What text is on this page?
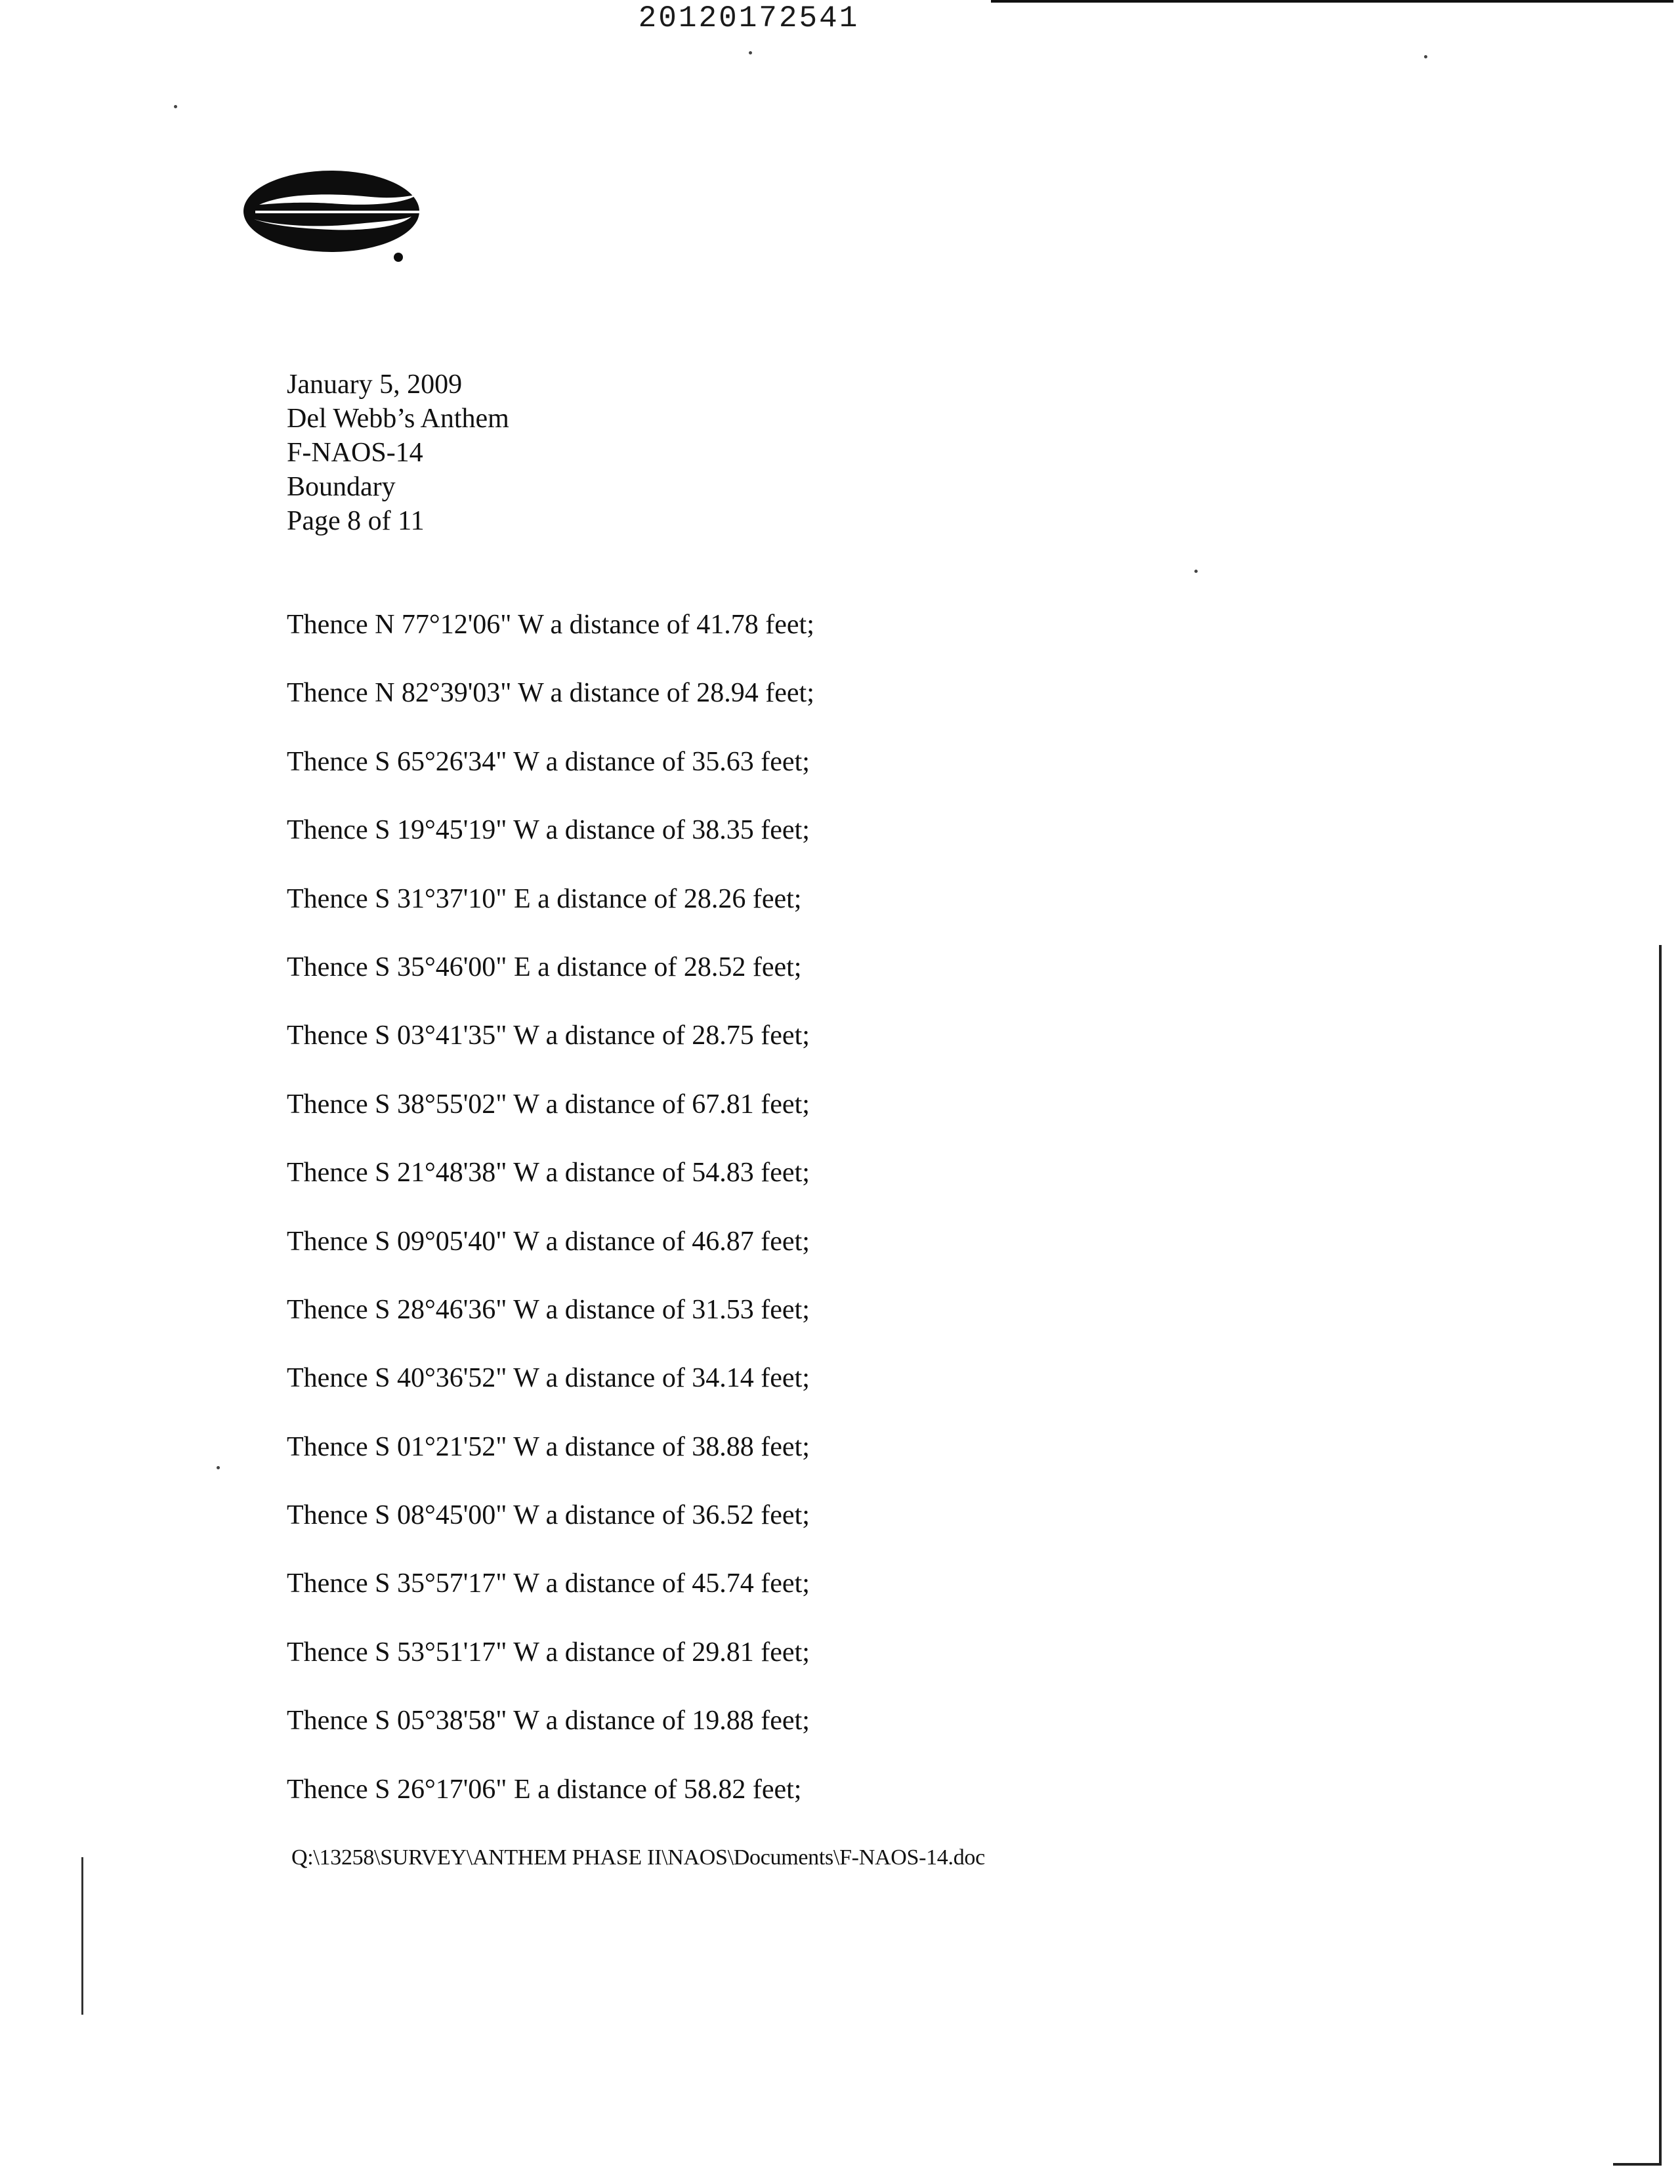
20120172541
January 5, 2009
Del Webb’s Anthem
F-NAOS-14
Boundary
Page 8 of 11
Thence N 77°12'06" W a distance of 41.78 feet;
Thence N 82°39'03" W a distance of 28.94 feet;
Thence S 65°26'34" W a distance of 35.63 feet;
Thence S 19°45'19" W a distance of 38.35 feet;
Thence S 31°37'10" E a distance of 28.26 feet;
Thence S 35°46'00" E a distance of 28.52 feet;
Thence S 03°41'35" W a distance of 28.75 feet;
Thence S 38°55'02" W a distance of 67.81 feet;
Thence S 21°48'38" W a distance of 54.83 feet;
Thence S 09°05'40" W a distance of 46.87 feet;
Thence S 28°46'36" W a distance of 31.53 feet;
Thence S 40°36'52" W a distance of 34.14 feet;
Thence S 01°21'52" W a distance of 38.88 feet;
Thence S 08°45'00" W a distance of 36.52 feet;
Thence S 35°57'17" W a distance of 45.74 feet;
Thence S 53°51'17" W a distance of 29.81 feet;
Thence S 05°38'58" W a distance of 19.88 feet;
Thence S 26°17'06" E a distance of 58.82 feet;
Q:\13258\SURVEY\ANTHEM PHASE II\NAOS\Documents\F-NAOS-14.doc
